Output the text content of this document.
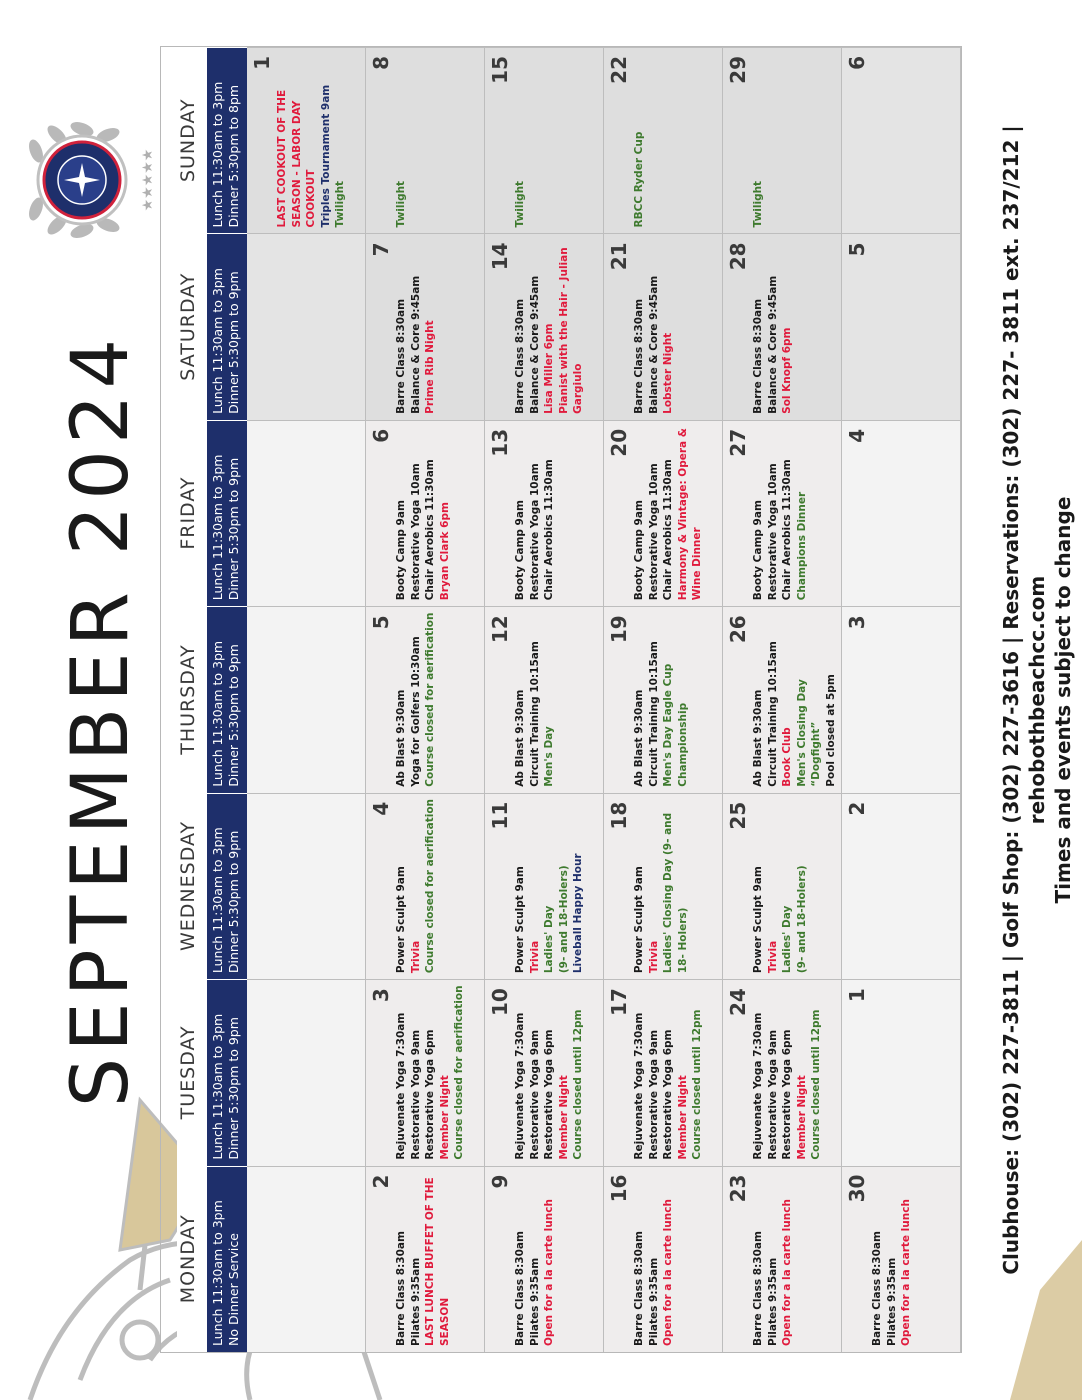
★★★★★
SEPTEMBER 2024
MONDAY
TUESDAY
WEDNESDAY
THURSDAY
FRIDAY
SATURDAY
SUNDAY
Lunch 11:30am to 3pm No Dinner Service
Lunch 11:30am to 3pm Dinner 5:30pm to 9pm
Lunch 11:30am to 3pm Dinner 5:30pm to 9pm
Lunch 11:30am to 3pm Dinner 5:30pm to 9pm
Lunch 11:30am to 3pm Dinner 5:30pm to 9pm
Lunch 11:30am to 3pm Dinner 5:30pm to 9pm
Lunch 11:30am to 3pm Dinner 5:30pm to 8pm
1
LAST COOKOUT OF THE SEASON - LABOR DAY COOKOUT Triples Tournament 9am Twilight
2
Barre Class 8:30am Pilates 9:35am LAST LUNCH BUFFET OF THE SEASON
3
Rejuvenate Yoga 7:30am Restorative Yoga 9am Restorative Yoga 6pm Member Night Course closed for aerification
4
Power Sculpt 9am Trivia Course closed for aerification
5
Ab Blast 9:30am Yoga for Golfers 10:30am Course closed for aerification
6
Booty Camp 9am Restorative Yoga 10am Chair Aerobics 11:30am Bryan Clark 6pm
7
Barre Class 8:30am Balance & Core 9:45am Prime Rib Night
8
Twilight
9
Barre Class 8:30am Pilates 9:35am Open for a la carte lunch
10
Rejuvenate Yoga 7:30am Restorative Yoga 9am Restorative Yoga 6pm Member Night Course closed until 12pm
11
Power Sculpt 9am Trivia Ladies' Day (9- and 18-Holers) Liveball Happy Hour
12
Ab Blast 9:30am Circuit Training 10:15am Men's Day
13
Booty Camp 9am Restorative Yoga 10am Chair Aerobics 11:30am
14
Barre Class 8:30am Balance & Core 9:45am Lisa Miller 6pm Pianist with the Hair - Julian Gargiulo
15
Twilight
16
Barre Class 8:30am Pilates 9:35am Open for a la carte lunch
17
Rejuvenate Yoga 7:30am Restorative Yoga 9am Restorative Yoga 6pm Member Night Course closed until 12pm
18
Power Sculpt 9am Trivia Ladies' Closing Day (9- and 18- Holers)
19
Ab Blast 9:30am Circuit Training 10:15am Men's Day Eagle Cup Championship
20
Booty Camp 9am Restorative Yoga 10am Chair Aerobics 11:30am Harmony & Vintage: Opera & Wine Dinner
21
Barre Class 8:30am Balance & Core 9:45am Lobster Night
22
RBCC Ryder Cup
23
Barre Class 8:30am Pilates 9:35am Open for a la carte lunch
24
Rejuvenate Yoga 7:30am Restorative Yoga 9am Restorative Yoga 6pm Member Night Course closed until 12pm
25
Power Sculpt 9am Trivia Ladies' Day (9- and 18-Holers)
26
Ab Blast 9:30am Circuit Training 10:15am Book Club Men's Closing Day “Dogfight” Pool closed at 5pm
27
Booty Camp 9am Restorative Yoga 10am Chair Aerobics 11:30am Champions Dinner
28
Barre Class 8:30am Balance & Core 9:45am Sol Knopf 6pm
29
Twilight
30
Barre Class 8:30am Pilates 9:35am Open for a la carte lunch
1
2
3
4
5
6
Clubhouse: (302) 227-3811 | Golf Shop: (302) 227-3616 | Reservations: (302) 227- 3811 ext. 237/212 | rehobothbeachcc.com Times and events subject to change
